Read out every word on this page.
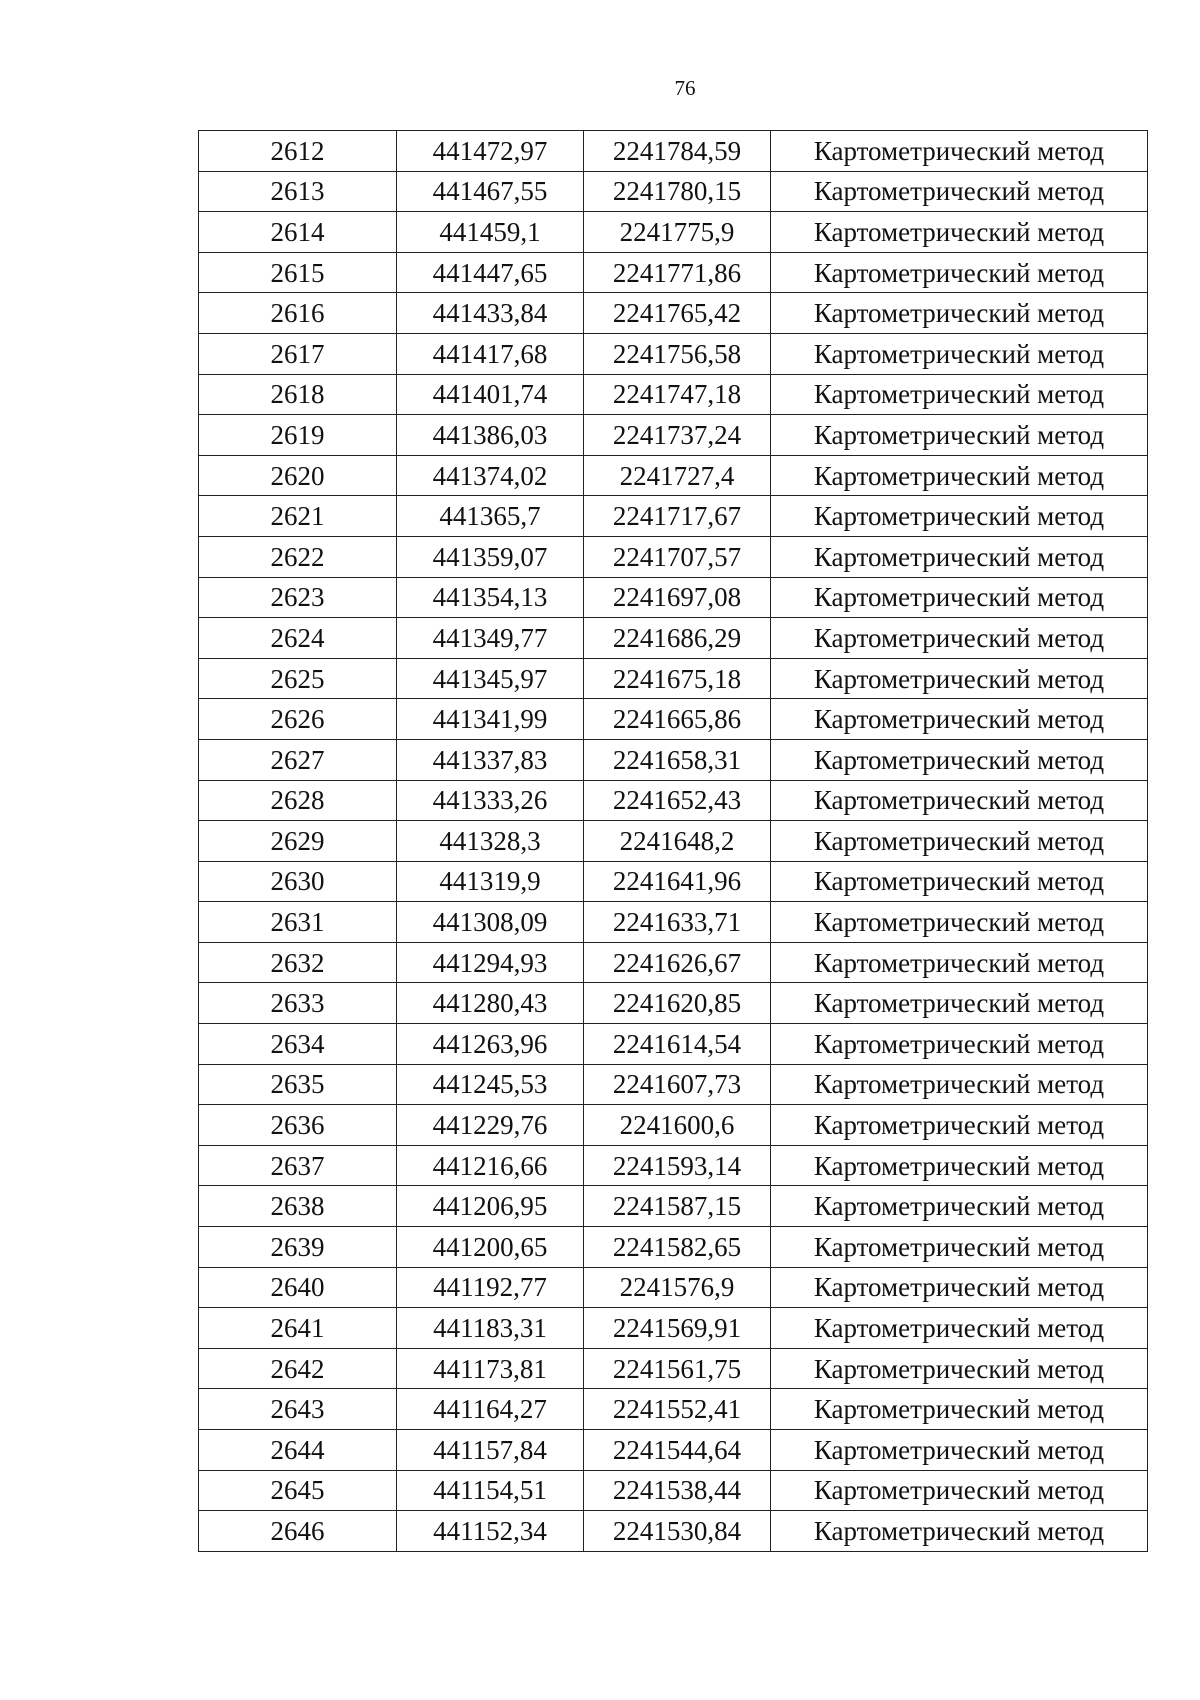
76
2612	441472,97	2241784,59	Картометрический метод
2613	441467,55	2241780,15	Картометрический метод
2614	441459,1	2241775,9	Картометрический метод
2615	441447,65	2241771,86	Картометрический метод
2616	441433,84	2241765,42	Картометрический метод
2617	441417,68	2241756,58	Картометрический метод
2618	441401,74	2241747,18	Картометрический метод
2619	441386,03	2241737,24	Картометрический метод
2620	441374,02	2241727,4	Картометрический метод
2621	441365,7	2241717,67	Картометрический метод
2622	441359,07	2241707,57	Картометрический метод
2623	441354,13	2241697,08	Картометрический метод
2624	441349,77	2241686,29	Картометрический метод
2625	441345,97	2241675,18	Картометрический метод
2626	441341,99	2241665,86	Картометрический метод
2627	441337,83	2241658,31	Картометрический метод
2628	441333,26	2241652,43	Картометрический метод
2629	441328,3	2241648,2	Картометрический метод
2630	441319,9	2241641,96	Картометрический метод
2631	441308,09	2241633,71	Картометрический метод
2632	441294,93	2241626,67	Картометрический метод
2633	441280,43	2241620,85	Картометрический метод
2634	441263,96	2241614,54	Картометрический метод
2635	441245,53	2241607,73	Картометрический метод
2636	441229,76	2241600,6	Картометрический метод
2637	441216,66	2241593,14	Картометрический метод
2638	441206,95	2241587,15	Картометрический метод
2639	441200,65	2241582,65	Картометрический метод
2640	441192,77	2241576,9	Картометрический метод
2641	441183,31	2241569,91	Картометрический метод
2642	441173,81	2241561,75	Картометрический метод
2643	441164,27	2241552,41	Картометрический метод
2644	441157,84	2241544,64	Картометрический метод
2645	441154,51	2241538,44	Картометрический метод
2646	441152,34	2241530,84	Картометрический метод
